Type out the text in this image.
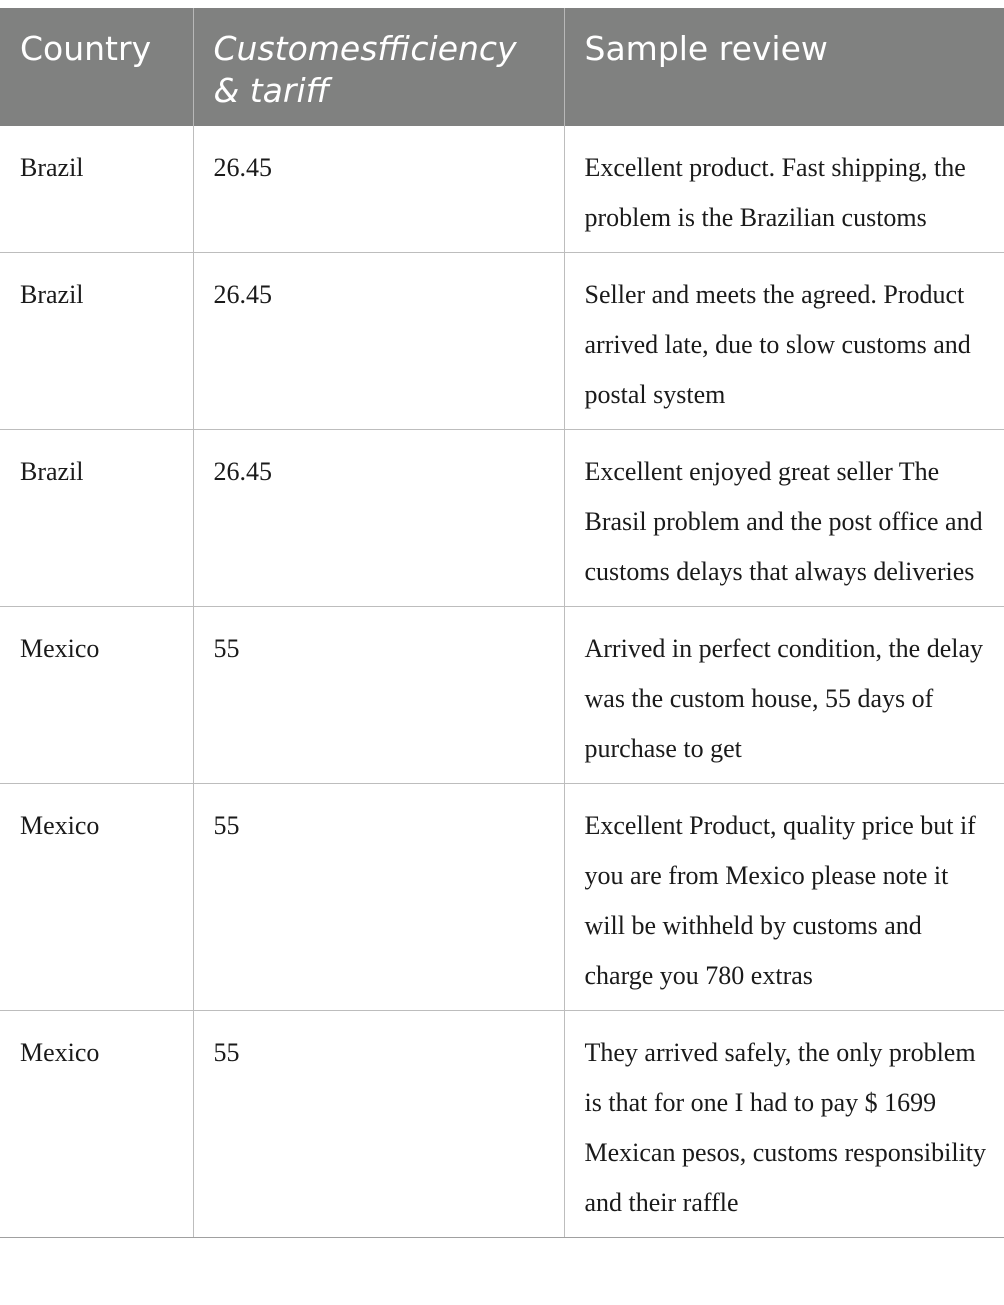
Country	Customesfficiency & tariff	Sample review
Brazil	26.45	Excellent product. Fast shipping, the problem is the Brazilian customs
Brazil	26.45	Seller and meets the agreed. Product arrived late, due to slow customs and postal system
Brazil	26.45	Excellent enjoyed great seller The Brasil problem and the post office and customs delays that always deliveries
Mexico	55	Arrived in perfect condition, the delay was the custom house, 55 days of purchase to get
Mexico	55	Excellent Product, quality price but if you are from Mexico please note it will be withheld by customs and charge you 780 extras
Mexico	55	They arrived safely, the only problem is that for one I had to pay $ 1699 Mexican pesos, customs responsibility and their raffle
